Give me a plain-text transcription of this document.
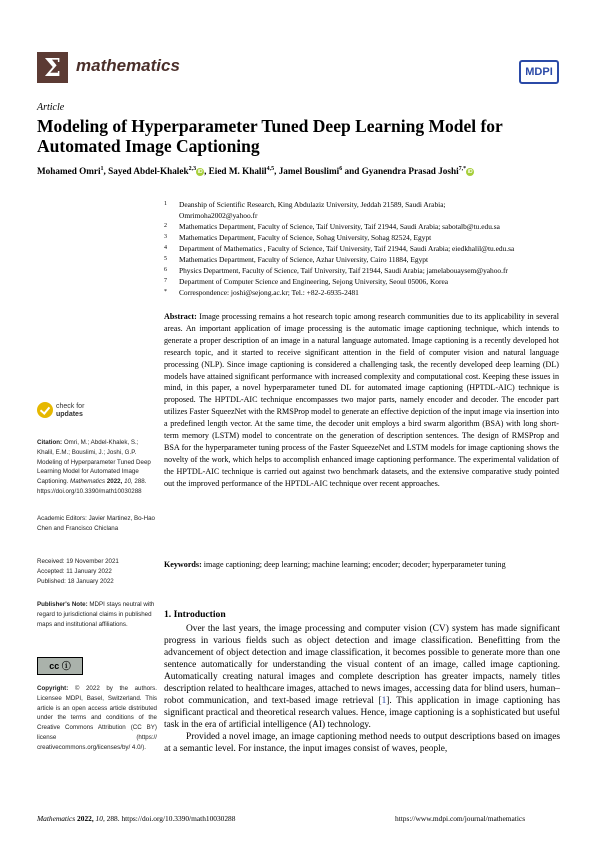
Σ mathematics	MDPI
Article
Modeling of Hyperparameter Tuned Deep Learning Model for Automated Image Captioning
Mohamed Omri$^1$, Sayed Abdel-Khalek$^{2,3}$iD , Eied M. Khalil$^{4,5}$, Jamel Bouslimi$^6$ and Gyanendra Prasad Joshi$^{7,*}$iD
1	Deanship of Scientific Research, King Abdulaziz University, Jeddah 21589, Saudi Arabia;
Omrimoha2002@yahoo.fr
2	Mathematics Department, Faculty of Science, Taif University, Taif 21944, Saudi Arabia; sabotalb@tu.edu.sa
3	Mathematics Department, Faculty of Science, Sohag University, Sohag 82524, Egypt
4	Department of Mathematics , Faculty of Science, Taif University, Taif 21944, Saudi Arabia; eiedkhalil@tu.edu.sa
5	Mathematics Department, Faculty of Science, Azhar University, Cairo 11884, Egypt
6	Physics Department, Faculty of Science, Taif University, Taif 21944, Saudi Arabia; jamelabouaysem@yahoo.fr
7	Department of Computer Science and Engineering, Sejong University, Seoul 05006, Korea
*	Correspondence: joshi@sejong.ac.kr; Tel.: +82-2-6935-2481
Abstract: Image processing remains a hot research topic among research communities due to its applicability in several areas. An important application of image processing is the automatic image captioning technique, which intends to generate a proper description of an image in a natural language automated. Image captioning is a recently developed hot research topic, and it started to receive significant attention in the field of computer vision and natural language processing (NLP). Since image captioning is considered a challenging task, the recently developed deep learning (DL) models have attained significant performance with increased complexity and computational cost. Keeping these issues in mind, in this paper, a novel hyperparameter tuned DL for automated image captioning (HPTDL-AIC) technique is proposed. The HPTDL-AIC technique encompasses two major parts, namely encoder and decoder. The encoder part utilizes Faster SqueezNet with the RMSProp model to generate an effective depiction of the input image via insertion into a predefined length vector. At the same time, the decoder unit employs a bird swarm algorithm (BSA) with long short-term memory (LSTM) model to concentrate on the generation of description sentences. The design of RMSProp and BSA for the hyperparameter tuning process of the Faster SqueezeNet and LSTM models for image captioning shows the novelty of the work, which helps to accomplish enhanced image captioning performance. The experimental validation of the HPTDL-AIC technique is carried out against two benchmark datasets, and the extensive comparative study pointed out the improved performance of the HPTDL-AIC technique over recent approaches.
Keywords: image captioning; deep learning; machine learning; encoder; decoder; hyperparameter tuning
check for
updates
Citation: Omri, M.; Abdel-Khalek, S.; Khalil, E.M.; Bouslimi, J.; Joshi, G.P. Modeling of Hyperparameter Tuned Deep Learning Model for Automated Image Captioning. Mathematics 2022, 10, 288. https://doi.org/10.3390/math10030288
Academic Editors: Javier Martinez, Bo-Hao Chen and Francisco Chiclana
Received: 19 November 2021
Accepted: 11 January 2022
Published: 18 January 2022
Publisher's Note: MDPI stays neutral with regard to jurisdictional claims in published maps and institutional affiliations.
cc ⓘ
Copyright: © 2022 by the authors. Licensee MDPI, Basel, Switzerland. This article is an open access article distributed under the terms and conditions of the Creative Commons Attribution (CC BY) license (https:// creativecommons.org/licenses/by/ 4.0/).
1. Introduction

Over the last years, the image processing and computer vision (CV) system has made significant progress in various fields such as object detection and image classification. Benefitting from the advancement of object detection and image classification, it becomes possible to generate more than one sentence automatically for understanding the visual content of an image, called image captioning. Automatically creating natural images and complete description has greater impacts, namely titles description related to healthcare images, attached to news images, accessing data for blind users, human–robot communication, and text-based image retrieval [1]. This application in image captioning has significant practical and theoretical research values. Hence, image captioning is a sophisticated but useful task in the era of artificial intelligence (AI) technology.

Provided a novel image, an image captioning method needs to output descriptions based on images at a semantic level. For instance, the input images consist of waves, people,

Mathematics 2022, 10, 288. https://doi.org/10.3390/math10030288	https://www.mdpi.com/journal/mathematics
